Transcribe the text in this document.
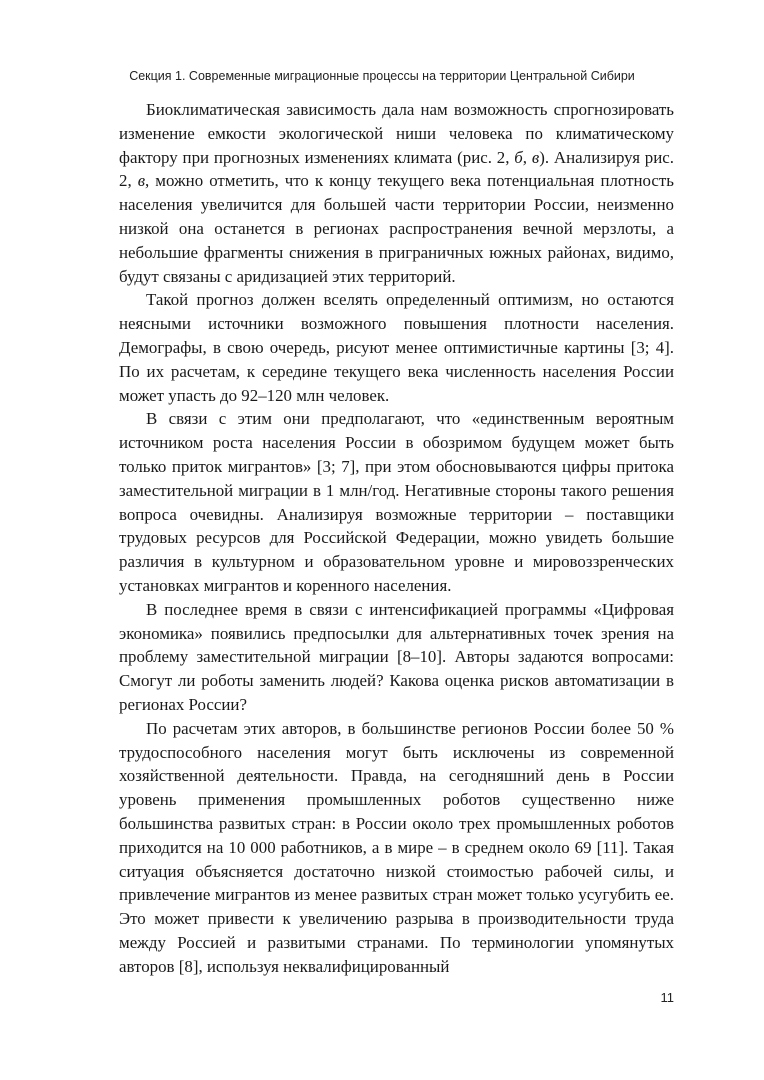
Секция 1. Современные миграционные процессы на территории Центральной Сибири

Биоклиматическая зависимость дала нам возможность спрогнозировать изменение емкости экологической ниши человека по климатическому фактору при прогнозных изменениях климата (рис. 2, б, в). Анализируя рис. 2, в, можно отметить, что к концу текущего века потенциальная плотность населения увеличится для большей части территории России, неизменно низкой она останется в регионах распространения вечной мерзлоты, а небольшие фрагменты снижения в приграничных южных районах, видимо, будут связаны с аридизацией этих территорий.

Такой прогноз должен вселять определенный оптимизм, но остаются неясными источники возможного повышения плотности населения. Демографы, в свою очередь, рисуют менее оптимистичные картины [3; 4]. По их расчетам, к середине текущего века численность населения России может упасть до 92–120 млн человек.

В связи с этим они предполагают, что «единственным вероятным источником роста населения России в обозримом будущем может быть только приток мигрантов» [3; 7], при этом обосновываются цифры притока заместительной миграции в 1 млн/год. Негативные стороны такого решения вопроса очевидны. Анализируя возможные территории – поставщики трудовых ресурсов для Российской Федерации, можно увидеть большие различия в культурном и образовательном уровне и мировоззренческих установках мигрантов и коренного населения.

В последнее время в связи с интенсификацией программы «Цифровая экономика» появились предпосылки для альтернативных точек зрения на проблему заместительной миграции [8–10]. Авторы задаются вопросами: Смогут ли роботы заменить людей? Какова оценка рисков автоматизации в регионах России?

По расчетам этих авторов, в большинстве регионов России более 50 % трудоспособного населения могут быть исключены из современной хозяйственной деятельности. Правда, на сегодняшний день в России уровень применения промышленных роботов существенно ниже большинства развитых стран: в России около трех промышленных роботов приходится на 10 000 работников, а в мире – в среднем около 69 [11]. Такая ситуация объясняется достаточно низкой стоимостью рабочей силы, и привлечение мигрантов из менее развитых стран может только усугубить ее. Это может привести к увеличению разрыва в производительности труда между Россией и развитыми странами. По терминологии упомянутых авторов [8], используя неквалифицированный

11
